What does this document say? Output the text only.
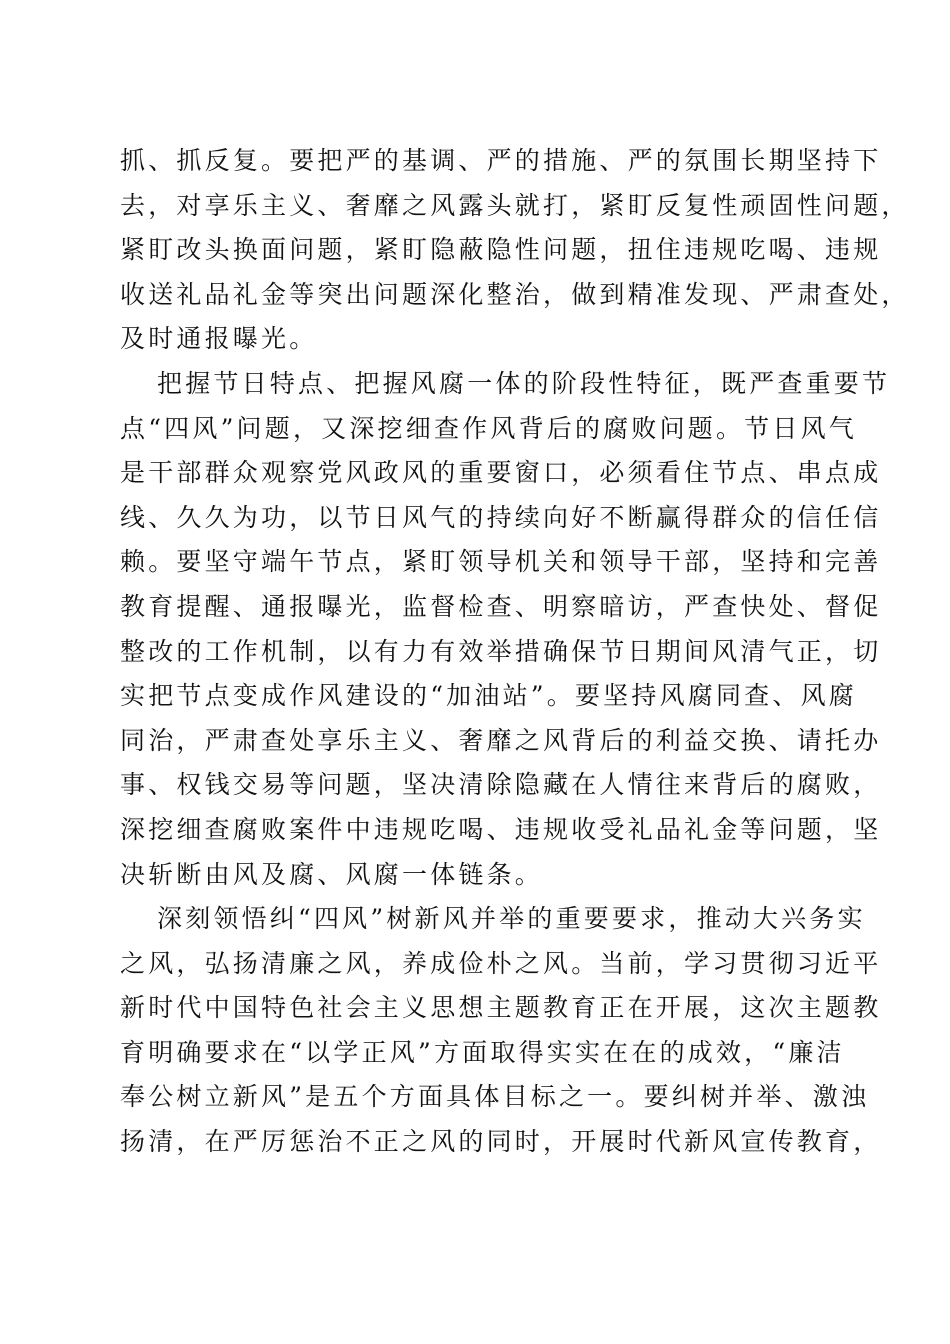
抓、抓反复。要把严的基调、严的措施、严的氛围长期坚持下
去，对享乐主义、奢靡之风露头就打，紧盯反复性顽固性问题，
紧盯改头换面问题，紧盯隐蔽隐性问题，扭住违规吃喝、违规
收送礼品礼金等突出问题深化整治，做到精准发现、严肃查处，
及时通报曝光。
把握节日特点、把握风腐一体的阶段性特征，既严查重要节
点“四风”问题，又深挖细查作风背后的腐败问题。节日风气
是干部群众观察党风政风的重要窗口，必须看住节点、串点成
线、久久为功，以节日风气的持续向好不断赢得群众的信任信
赖。要坚守端午节点，紧盯领导机关和领导干部，坚持和完善
教育提醒、通报曝光，监督检查、明察暗访，严查快处、督促
整改的工作机制，以有力有效举措确保节日期间风清气正，切
实把节点变成作风建设的“加油站”。要坚持风腐同查、风腐
同治，严肃查处享乐主义、奢靡之风背后的利益交换、请托办
事、权钱交易等问题，坚决清除隐藏在人情往来背后的腐败，
深挖细查腐败案件中违规吃喝、违规收受礼品礼金等问题，坚
决斩断由风及腐、风腐一体链条。
深刻领悟纠“四风”树新风并举的重要要求，推动大兴务实
之风，弘扬清廉之风，养成俭朴之风。当前，学习贯彻习近平
新时代中国特色社会主义思想主题教育正在开展，这次主题教
育明确要求在“以学正风”方面取得实实在在的成效，“廉洁
奉公树立新风”是五个方面具体目标之一。要纠树并举、激浊
扬清，在严厉惩治不正之风的同时，开展时代新风宣传教育，
